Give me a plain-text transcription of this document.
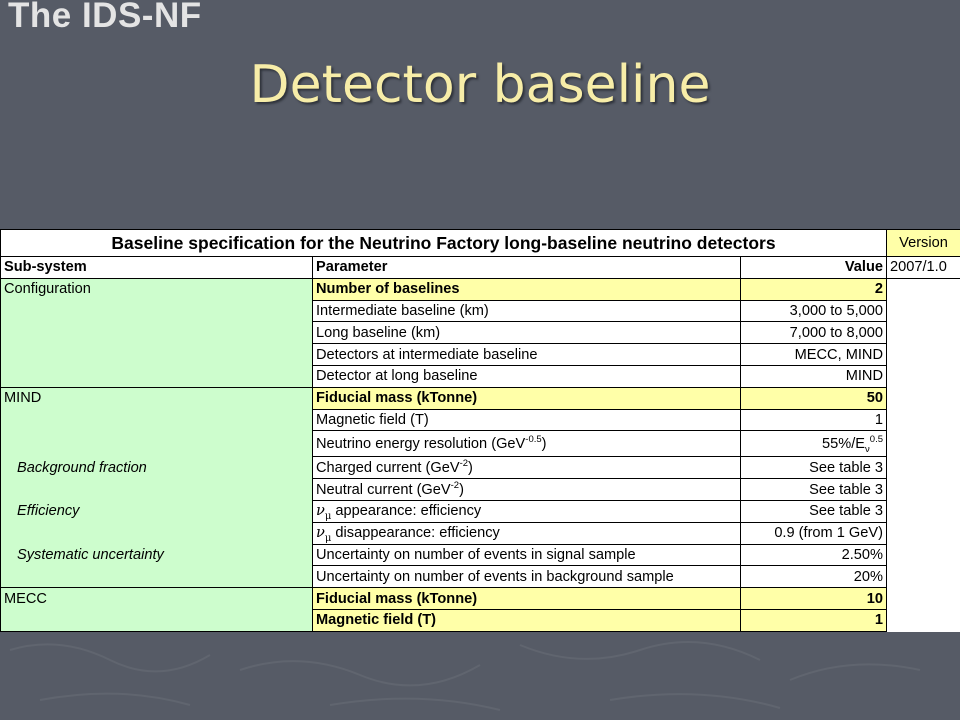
The IDS-NF
Detector baseline
Baseline specification for the Neutrino Factory long-baseline neutrino detectors			Version
Sub-system	Parameter	Value	2007/1.0
Configuration	Number of baselines	2	
	Intermediate baseline (km)	3,000 to 5,000	
	Long baseline (km)	7,000 to 8,000	
	Detectors at intermediate baseline	MECC, MIND	
	Detector at long baseline	MIND	
MIND	Fiducial mass (kTonne)	50	
	Magnetic field (T)	1	
	Neutrino energy resolution (GeV$^{-0.5}$)	$55\%/E_\nu^{0.5}$	
Background fraction	Charged current (GeV$^{-2}$)	See table 3	
	Neutral current (GeV$^{-2}$)	See table 3	
Efficiency	$\nu_\mu$ appearance: efficiency	See table 3	
	$\nu_\mu$ disappearance: efficiency	0.9 (from 1 GeV)	
Systematic uncertainty	Uncertainty on number of events in signal sample	2.50%	
	Uncertainty on number of events in background sample	20%	
MECC	Fiducial mass (kTonne)	10	
	Magnetic field (T)	1	
